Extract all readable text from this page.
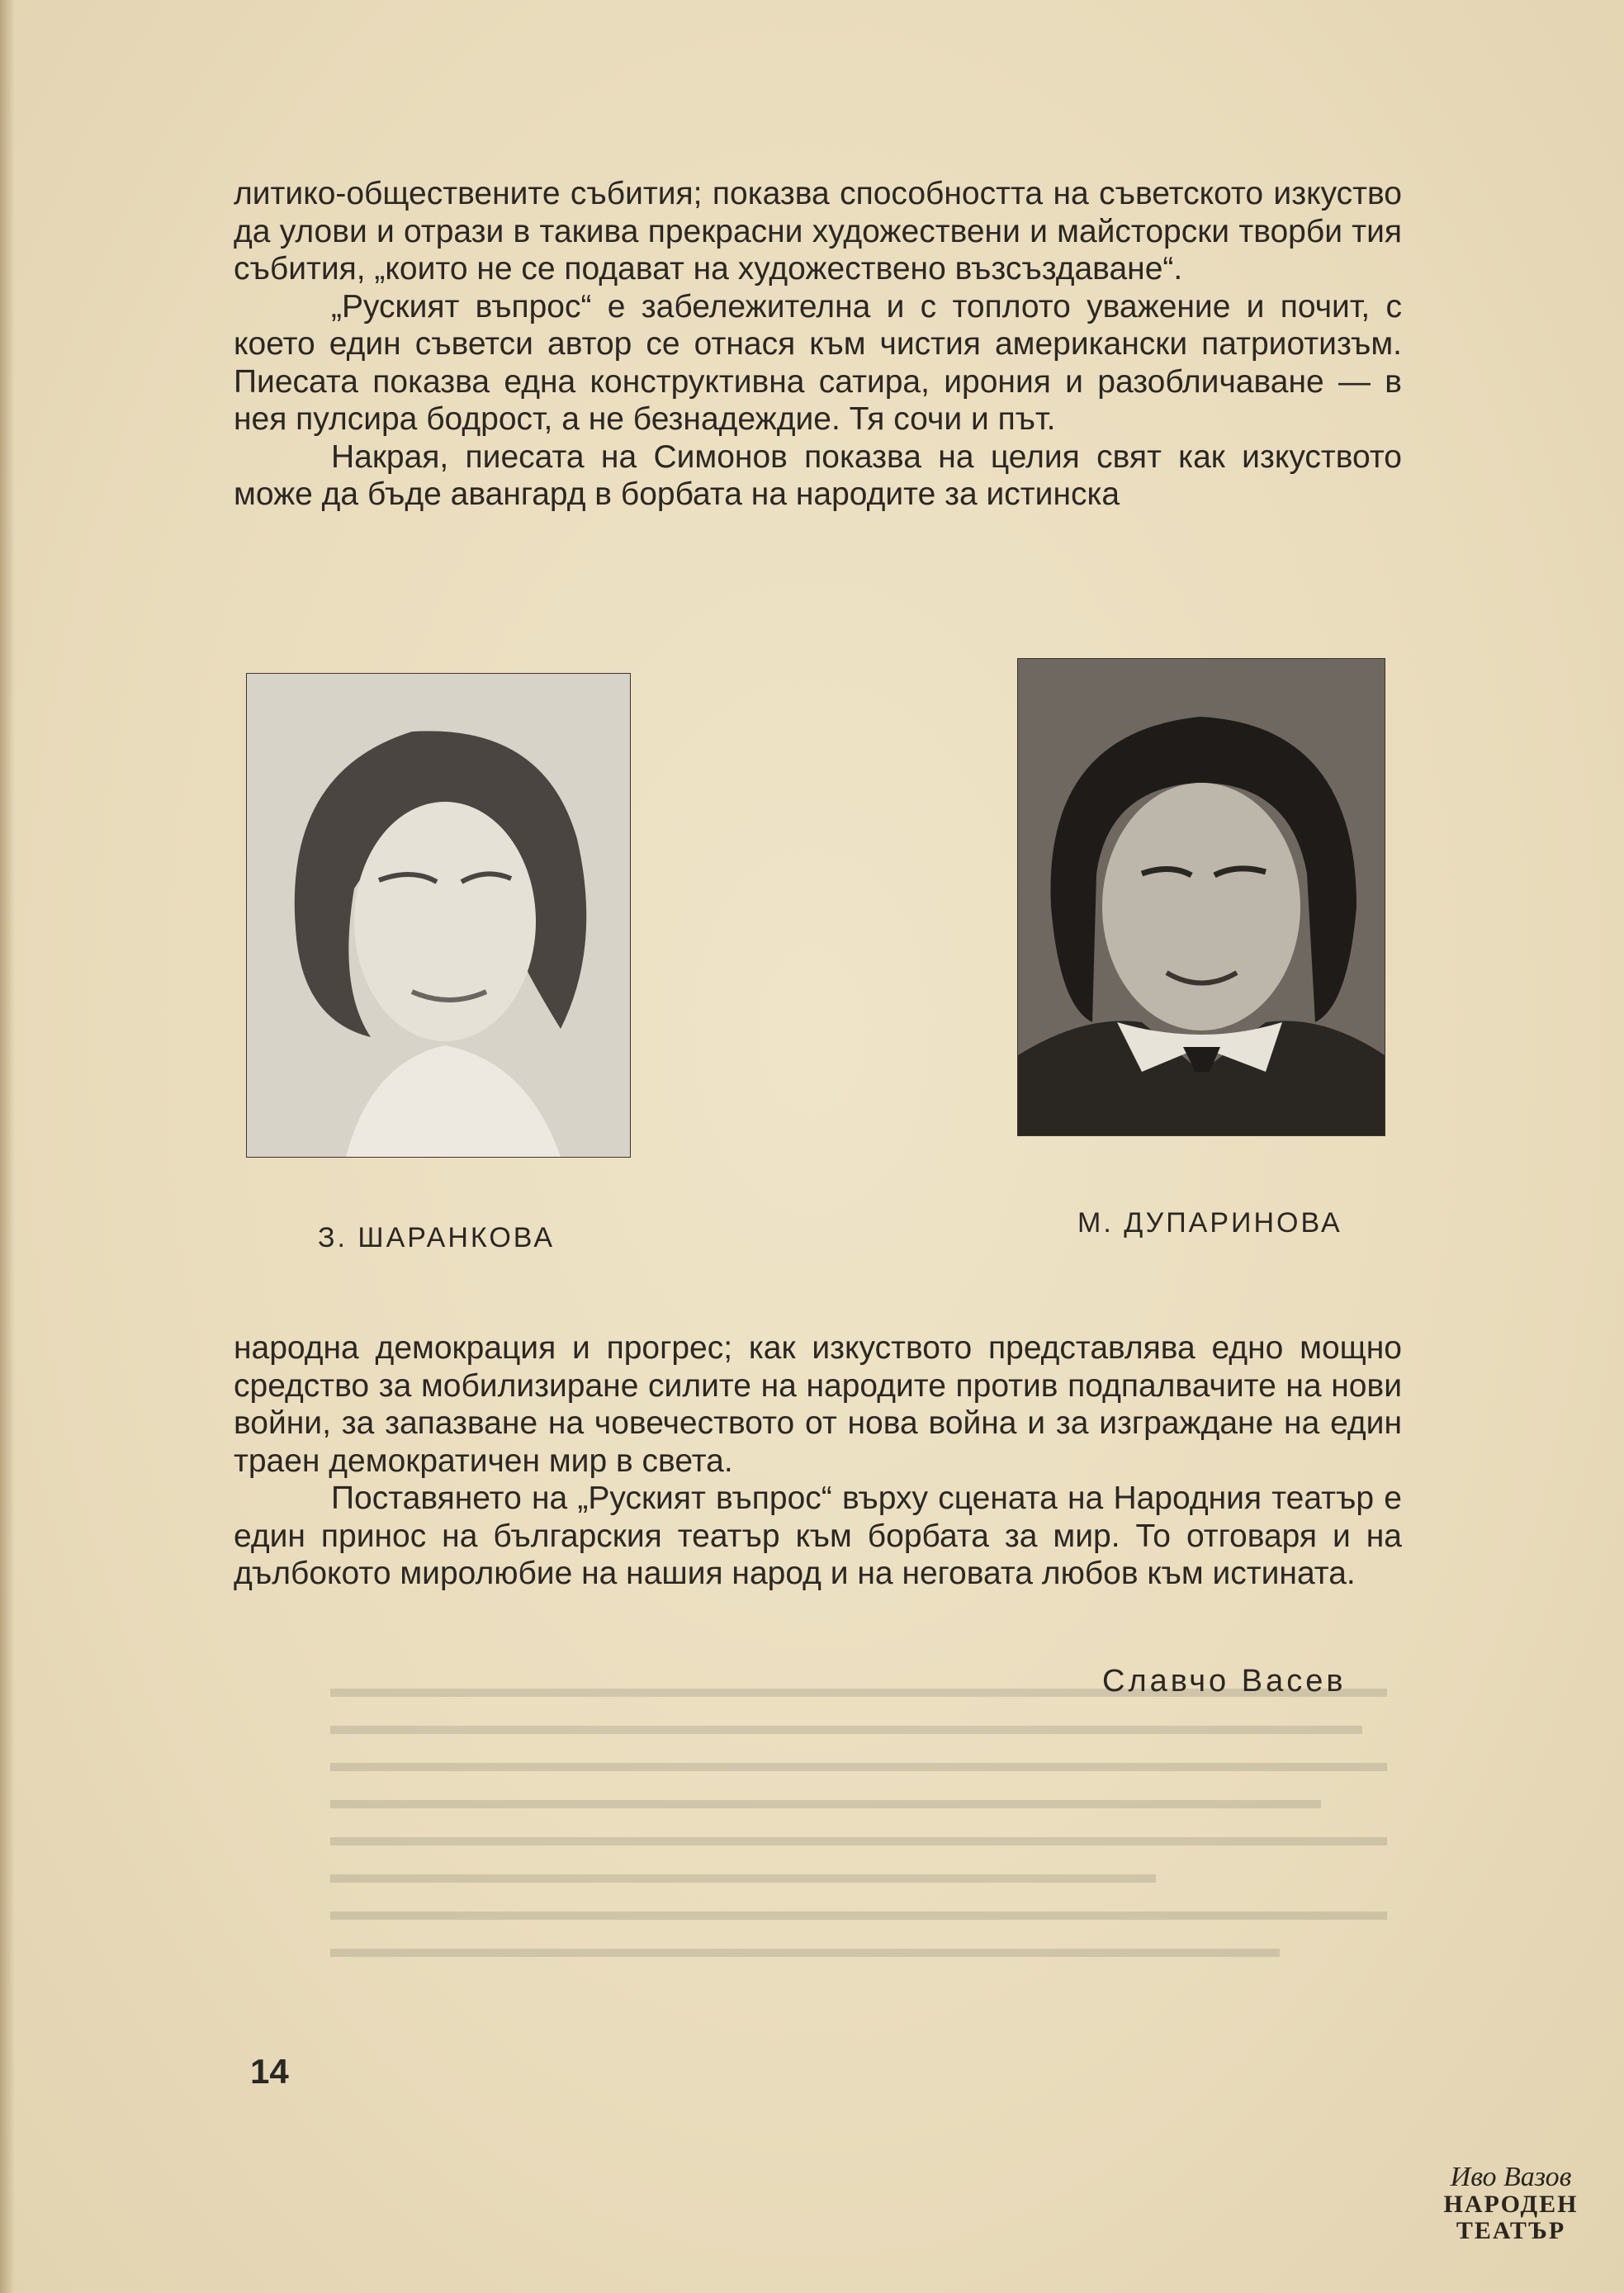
литико-обществените събития; показва способността на съветското изкуство да улови и отрази в такива прекрасни художествени и майсторски творби тия събития, „които не се подават на художествено възсъздаване“.

„Руският въпрос“ е забележителна и с топлото уважение и почит, с което един съветси автор се отнася към чистия американски патриотизъм. Пиесата показва една конструктивна сатира, ирония и разобличаване — в нея пулсира бодрост, а не безнадеждие. Тя сочи и път.

Накрая, пиесата на Симонов показва на целия свят как изкуството може да бъде авангард в борбата на народите за истинска

З. ШАРАНКОВА	М. ДУПАРИНОВА

народна демокрация и прогрес; как изкуството представлява едно мощно средство за мобилизиране силите на народите против подпалвачите на нови войни, за запазване на човечеството от нова война и за изграждане на един траен демократичен мир в света.

Поставянето на „Руският въпрос“ върху сцената на Народния театър е един принос на българския театър към борбата за мир. То отговаря и на дълбокото миролюбие на нашия народ и на неговата любов към истината.

Славчо Васев
14
Иво Вазов
НАРОДЕН
ТЕАТЪР
